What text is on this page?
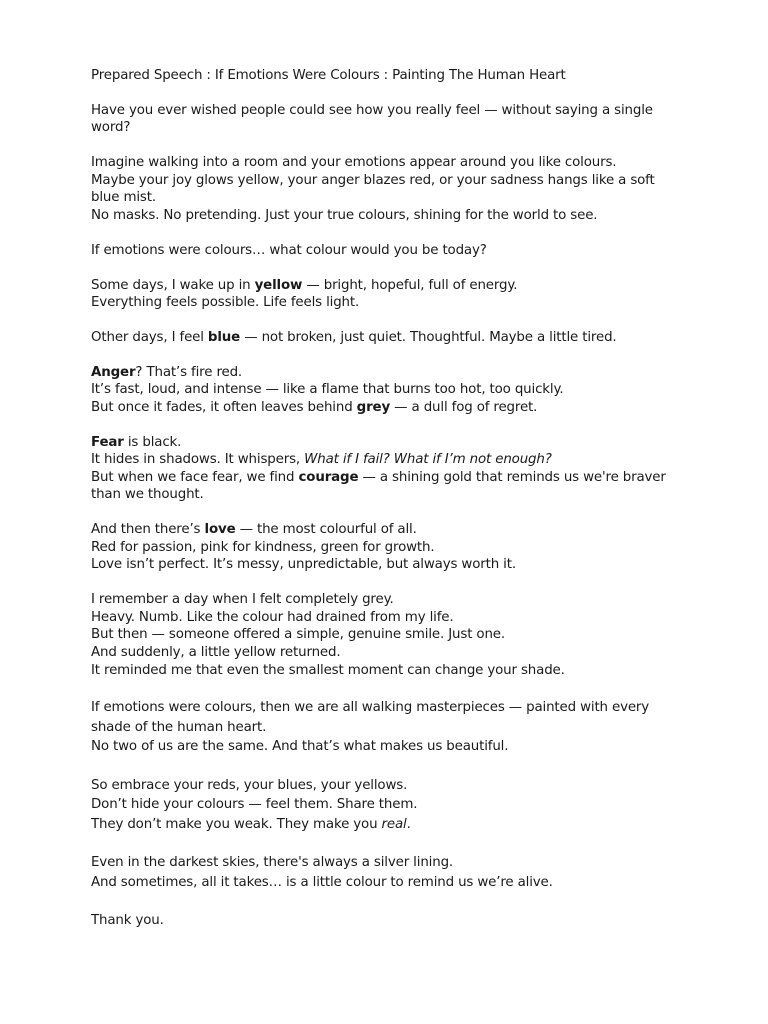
Prepared Speech : If Emotions Were Colours : Painting The Human Heart
Have you ever wished people could see how you really feel — without saying a single
word?
Imagine walking into a room and your emotions appear around you like colours.
Maybe your joy glows yellow, your anger blazes red, or your sadness hangs like a soft
blue mist.
No masks. No pretending. Just your true colours, shining for the world to see.
If emotions were colours… what colour would you be today?
Some days, I wake up in yellow — bright, hopeful, full of energy.
Everything feels possible. Life feels light.
Other days, I feel blue — not broken, just quiet. Thoughtful. Maybe a little tired.
Anger? That’s fire red.
It’s fast, loud, and intense — like a flame that burns too hot, too quickly.
But once it fades, it often leaves behind grey — a dull fog of regret.
Fear is black.
It hides in shadows. It whispers, What if I fail? What if I’m not enough?
But when we face fear, we find courage — a shining gold that reminds us we're braver
than we thought.
And then there’s love — the most colourful of all.
Red for passion, pink for kindness, green for growth.
Love isn’t perfect. It’s messy, unpredictable, but always worth it.
I remember a day when I felt completely grey.
Heavy. Numb. Like the colour had drained from my life.
But then — someone offered a simple, genuine smile. Just one.
And suddenly, a little yellow returned.
It reminded me that even the smallest moment can change your shade.
If emotions were colours, then we are all walking masterpieces — painted with every
shade of the human heart.
No two of us are the same. And that’s what makes us beautiful.
So embrace your reds, your blues, your yellows.
Don’t hide your colours — feel them. Share them.
They don’t make you weak. They make you real.
Even in the darkest skies, there's always a silver lining.
And sometimes, all it takes… is a little colour to remind us we’re alive.
Thank you.
